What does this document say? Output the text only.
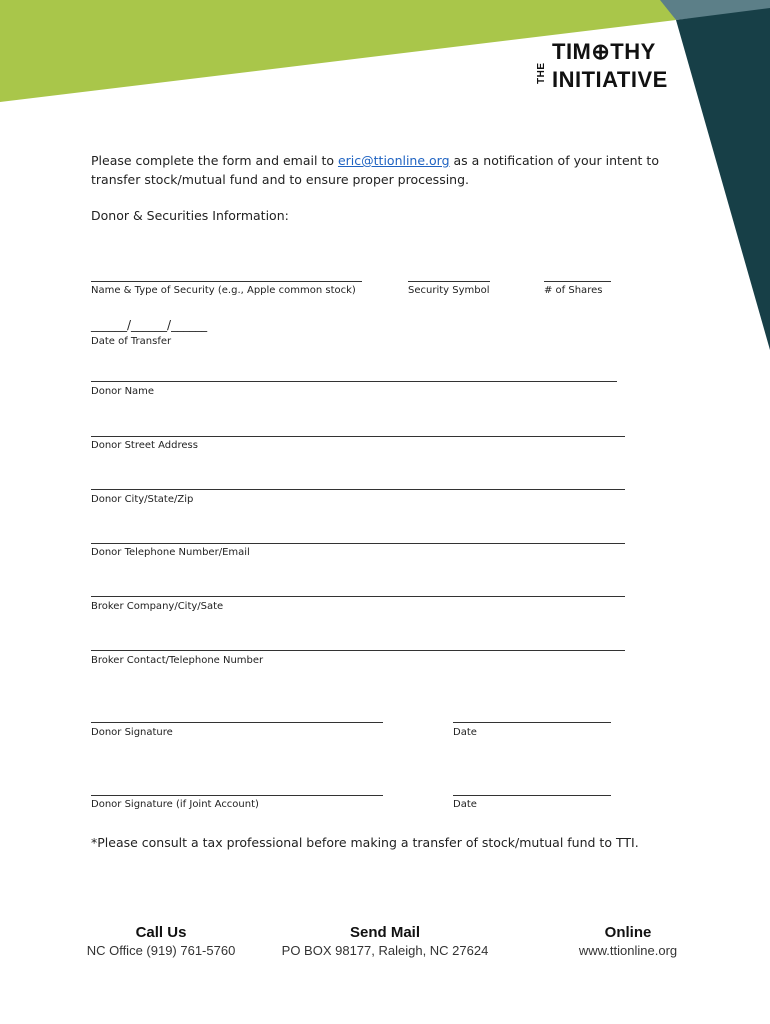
THE
TIM⊕THY
INITIATIVE
Please complete the form and email to eric@ttionline.org as a notification of your intent to transfer stock/mutual fund and to ensure proper processing.
Donor & Securities Information:
Name & Type of Security (e.g., Apple common stock)	Security Symbol	# of Shares
______/______/______
Date of Transfer
Donor Name
Donor Street Address
Donor City/State/Zip
Donor Telephone Number/Email
Broker Company/City/Sate
Broker Contact/Telephone Number
Donor Signature	Date
Donor Signature (if Joint Account)	Date
*Please consult a tax professional before making a transfer of stock/mutual fund to TTI.
Call Us
NC Office (919) 761-5760
Send Mail
PO BOX 98177, Raleigh, NC 27624
Online
www.ttionline.org
